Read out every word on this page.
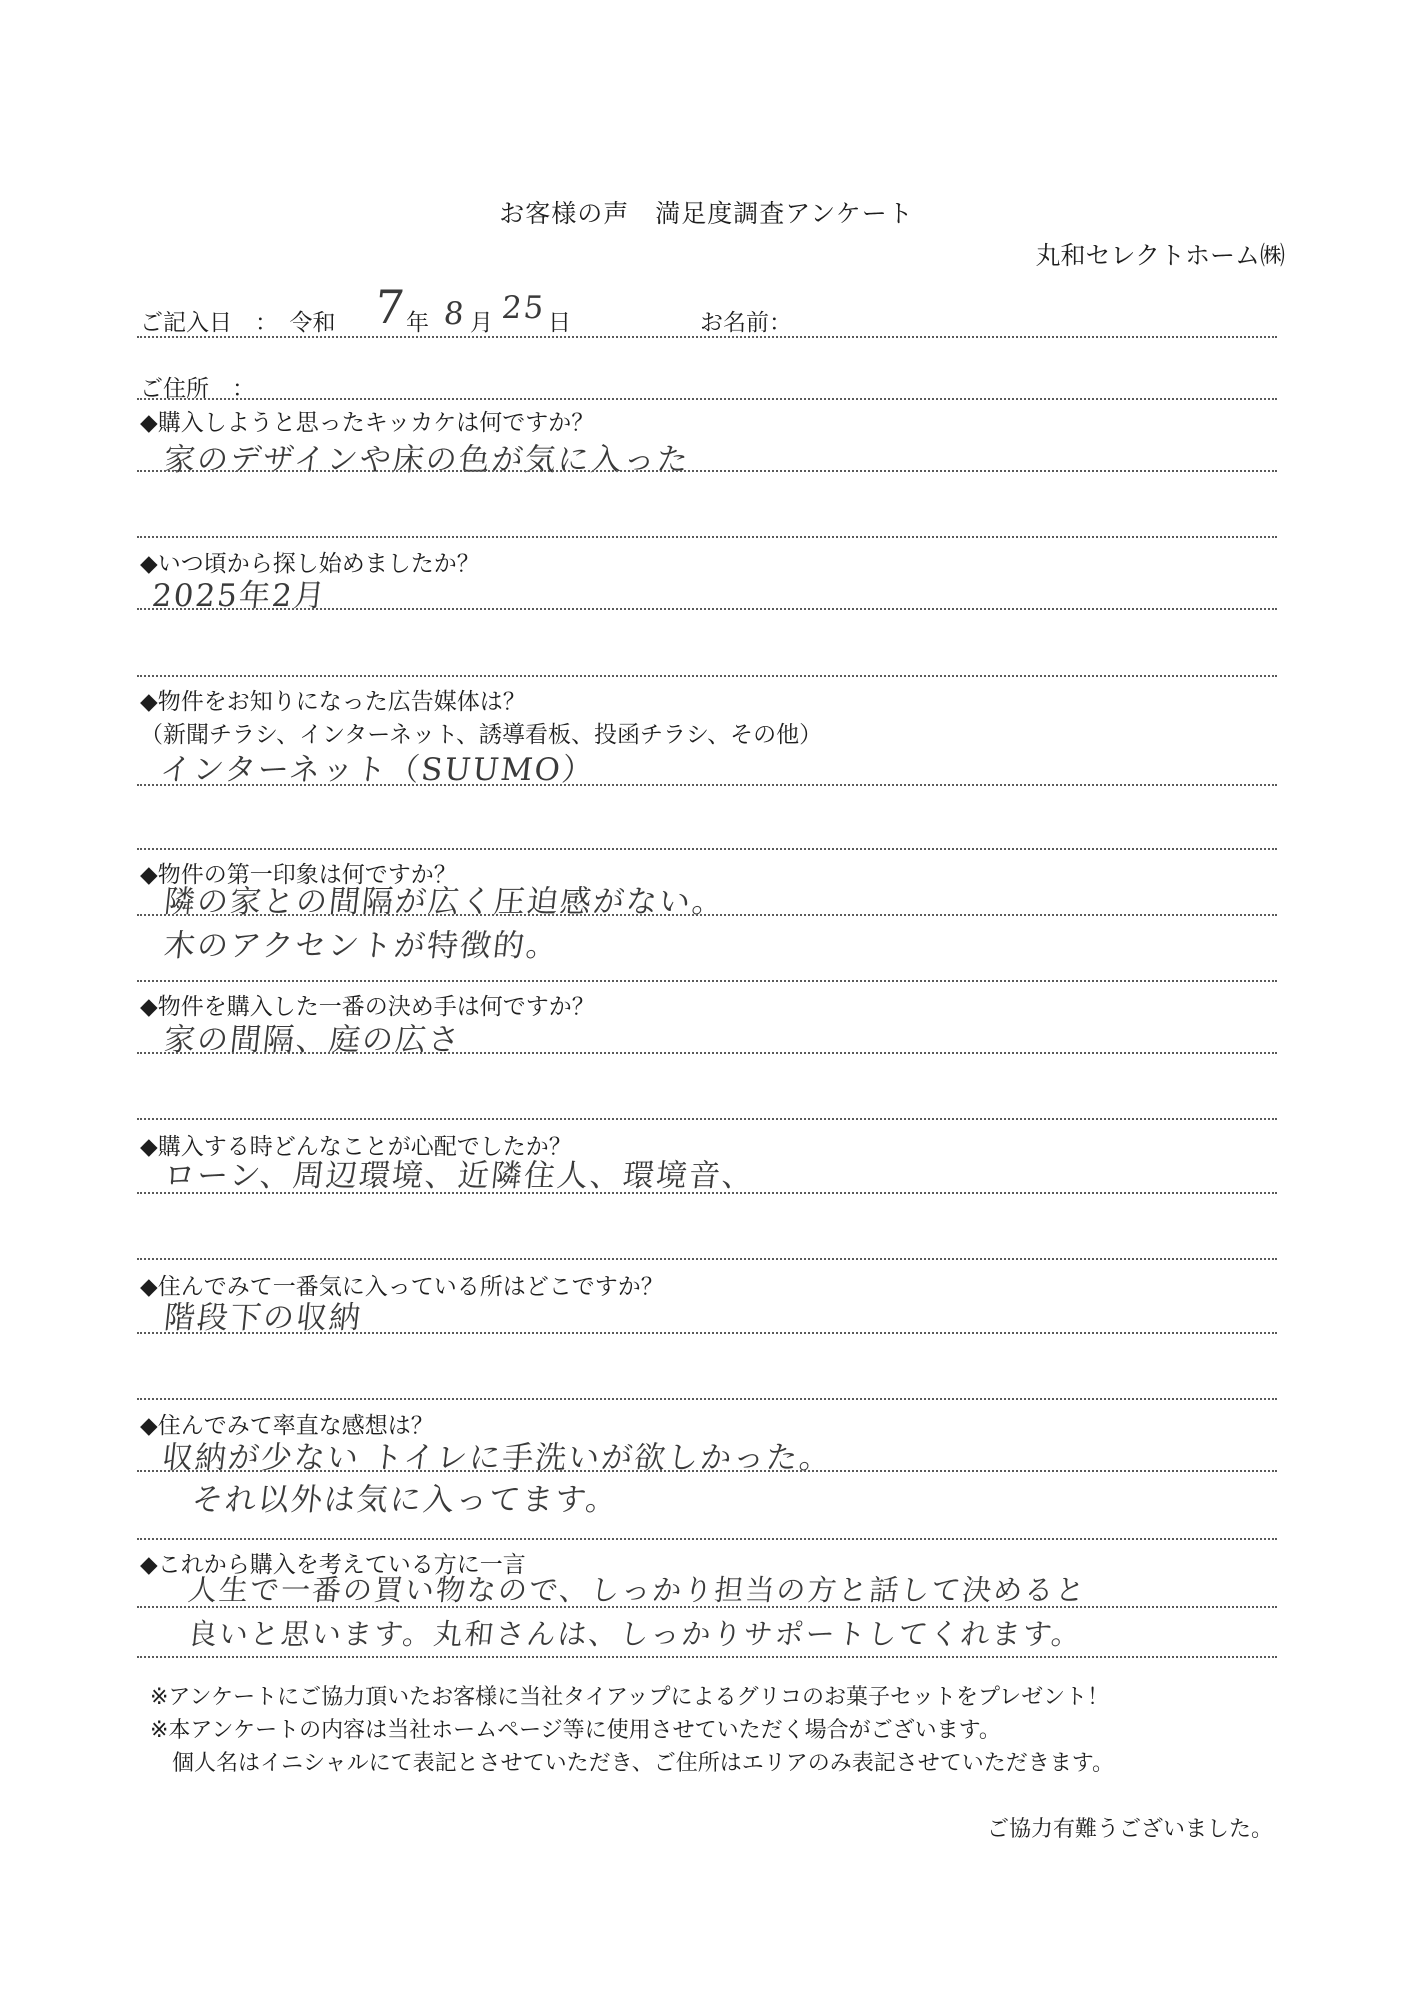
お客様の声　満足度調査アンケート
丸和セレクトホーム㈱
ご記入日　：　令和 7
年 8 月 25 日	お名前：
ご住所　：
◆購入しようと思ったキッカケは何ですか？
家のデザインや床の色が気に入った
◆いつ頃から探し始めましたか？
2025年2月
◆物件をお知りになった広告媒体は？
（新聞チラシ、インターネット、誘導看板、投函チラシ、その他）
インターネット（SUUMO）
◆物件の第一印象は何ですか？
隣の家との間隔が広く圧迫感がない。
木のアクセントが特徴的。
◆物件を購入した一番の決め手は何ですか？
家の間隔、庭の広さ
◆購入する時どんなことが心配でしたか？
ローン、周辺環境、近隣住人、環境音、
◆住んでみて一番気に入っている所はどこですか？
階段下の収納
◆住んでみて率直な感想は？
収納が少ない トイレに手洗いが欲しかった。
それ以外は気に入ってます。
◆これから購入を考えている方に一言
人生で一番の買い物なので、しっかり担当の方と話して決めると
良いと思います。丸和さんは、しっかりサポートしてくれます。
※アンケートにご協力頂いたお客様に当社タイアップによるグリコのお菓子セットをプレゼント！
※本アンケートの内容は当社ホームページ等に使用させていただく場合がございます。
個人名はイニシャルにて表記とさせていただき、ご住所はエリアのみ表記させていただきます。
ご協力有難うございました。
